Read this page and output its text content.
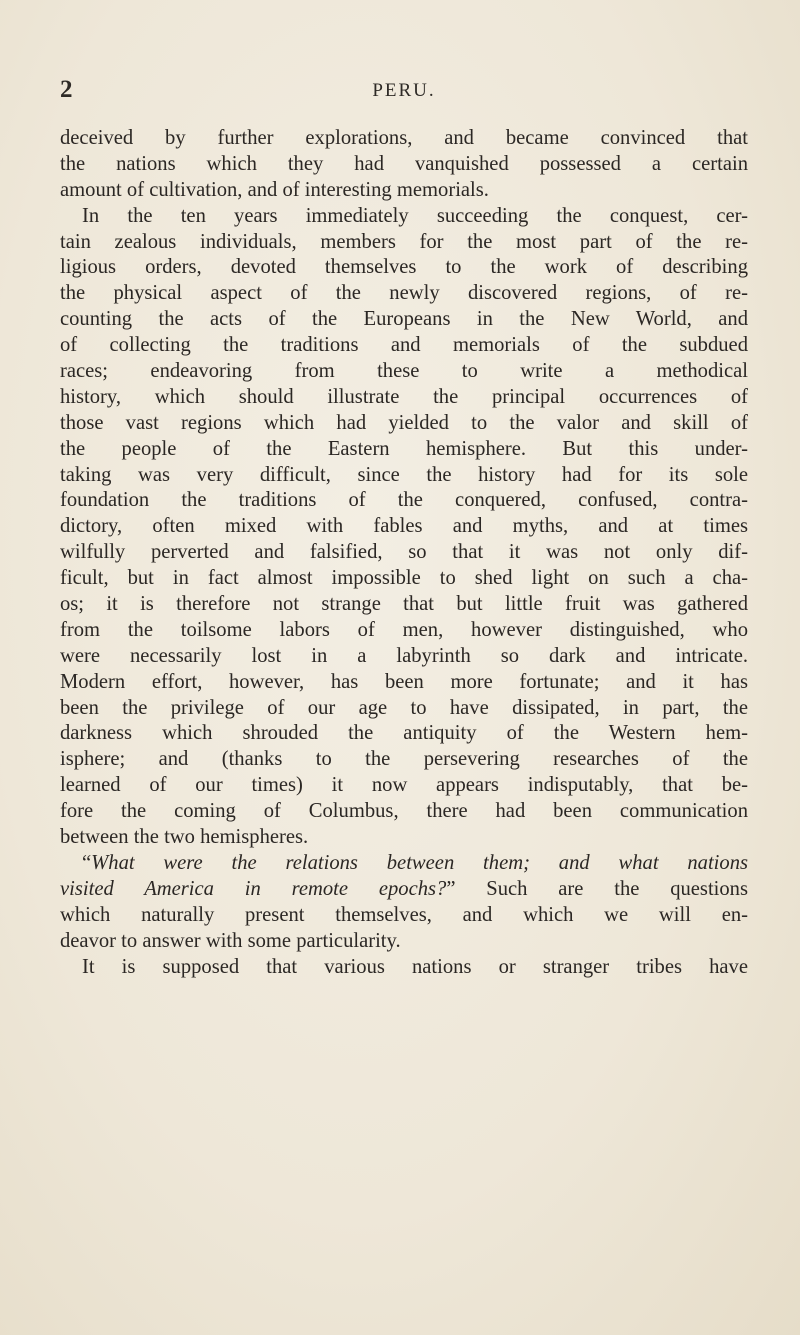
2	PERU.
deceived by further explorations, and became convinced that
the nations which they had vanquished possessed a certain
amount of cultivation, and of interesting memorials.
In the ten years immediately succeeding the conquest, cer-
tain zealous individuals, members for the most part of the re-
ligious orders, devoted themselves to the work of describing
the physical aspect of the newly discovered regions, of re-
counting the acts of the Europeans in the New World, and
of collecting the traditions and memorials of the subdued
races; endeavoring from these to write a methodical
history, which should illustrate the principal occurrences of
those vast regions which had yielded to the valor and skill of
the people of the Eastern hemisphere. But this under-
taking was very difficult, since the history had for its sole
foundation the traditions of the conquered, confused, contra-
dictory, often mixed with fables and myths, and at times
wilfully perverted and falsified, so that it was not only dif-
ficult, but in fact almost impossible to shed light on such a cha-
os; it is therefore not strange that but little fruit was gathered
from the toilsome labors of men, however distinguished, who
were necessarily lost in a labyrinth so dark and intricate.
Modern effort, however, has been more fortunate; and it has
been the privilege of our age to have dissipated, in part, the
darkness which shrouded the antiquity of the Western hem-
isphere; and (thanks to the persevering researches of the
learned of our times) it now appears indisputably, that be-
fore the coming of Columbus, there had been communication
between the two hemispheres.
“What were the relations between them; and what nations
visited America in remote epochs?” Such are the questions
which naturally present themselves, and which we will en-
deavor to answer with some particularity.
It is supposed that various nations or stranger tribes have
